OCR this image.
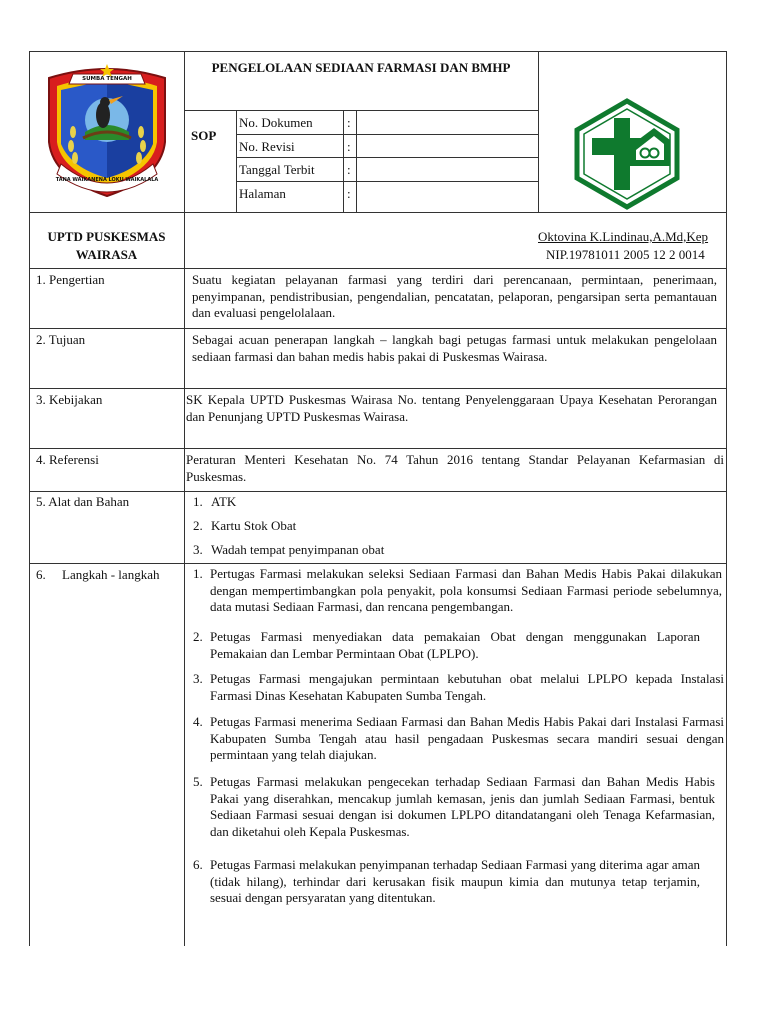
SUMBA TENGAH
TANA WAIKANENA LOKU WAIKALALA
PENGELOLAAN SEDIAAN FARMASI DAN BMHP
SOP
No. Dokumen	:
No. Revisi	:
Tanggal Terbit :
Halaman	:
UPTD PUSKESMAS
WAIRASA
Oktovina K.Lindinau,A.Md,Kep
NIP.19781011 2005 12 2 0014
1. Pengertian	Suatu kegiatan pelayanan farmasi yang terdiri dari perencanaan, permintaan, penerimaan, penyimpanan, pendistribusian, pengendalian, pencatatan, pelaporan, pengarsipan serta pemantauan dan evaluasi pengelolalaan.
2. Tujuan	Sebagai acuan penerapan langkah – langkah bagi petugas farmasi untuk melakukan pengelolaan sediaan farmasi dan bahan medis habis pakai di Puskesmas Wairasa.
3. Kebijakan	SK Kepala UPTD Puskesmas Wairasa No. tentang Penyelenggaraan Upaya Kesehatan Perorangan dan Penunjang UPTD Puskesmas Wairasa.
4. Referensi	Peraturan Menteri Kesehatan No. 74 Tahun 2016 tentang Standar Pelayanan Kefarmasian di Puskesmas.
5. Alat dan Bahan	1. ATK
2. Kartu Stok Obat
3. Wadah tempat penyimpanan obat
6.     Langkah - langkah	1. Pertugas Farmasi melakukan seleksi Sediaan Farmasi dan Bahan Medis Habis Pakai dilakukan dengan mempertimbangkan pola penyakit, pola konsumsi Sediaan Farmasi periode sebelumnya, data mutasi Sediaan Farmasi, dan rencana pengembangan.
2. Petugas Farmasi menyediakan data pemakaian Obat dengan menggunakan Laporan Pemakaian dan Lembar Permintaan Obat (LPLPO).
3. Petugas Farmasi mengajukan permintaan kebutuhan obat melalui LPLPO kepada Instalasi Farmasi Dinas Kesehatan Kabupaten Sumba Tengah.
4. Petugas Farmasi menerima Sediaan Farmasi dan Bahan Medis Habis Pakai dari Instalasi Farmasi Kabupaten Sumba Tengah atau hasil pengadaan Puskesmas secara mandiri sesuai dengan permintaan yang telah diajukan.
5. Petugas Farmasi melakukan pengecekan terhadap Sediaan Farmasi dan Bahan Medis Habis Pakai yang diserahkan, mencakup jumlah kemasan, jenis dan jumlah Sediaan Farmasi, bentuk Sediaan Farmasi sesuai dengan isi dokumen LPLPO ditandatangani oleh Tenaga Kefarmasian, dan diketahui oleh Kepala Puskesmas.
6. Petugas Farmasi melakukan penyimpanan terhadap Sediaan Farmasi yang diterima agar aman (tidak hilang), terhindar dari kerusakan fisik maupun kimia dan mutunya tetap terjamin, sesuai dengan persyaratan yang ditentukan.
